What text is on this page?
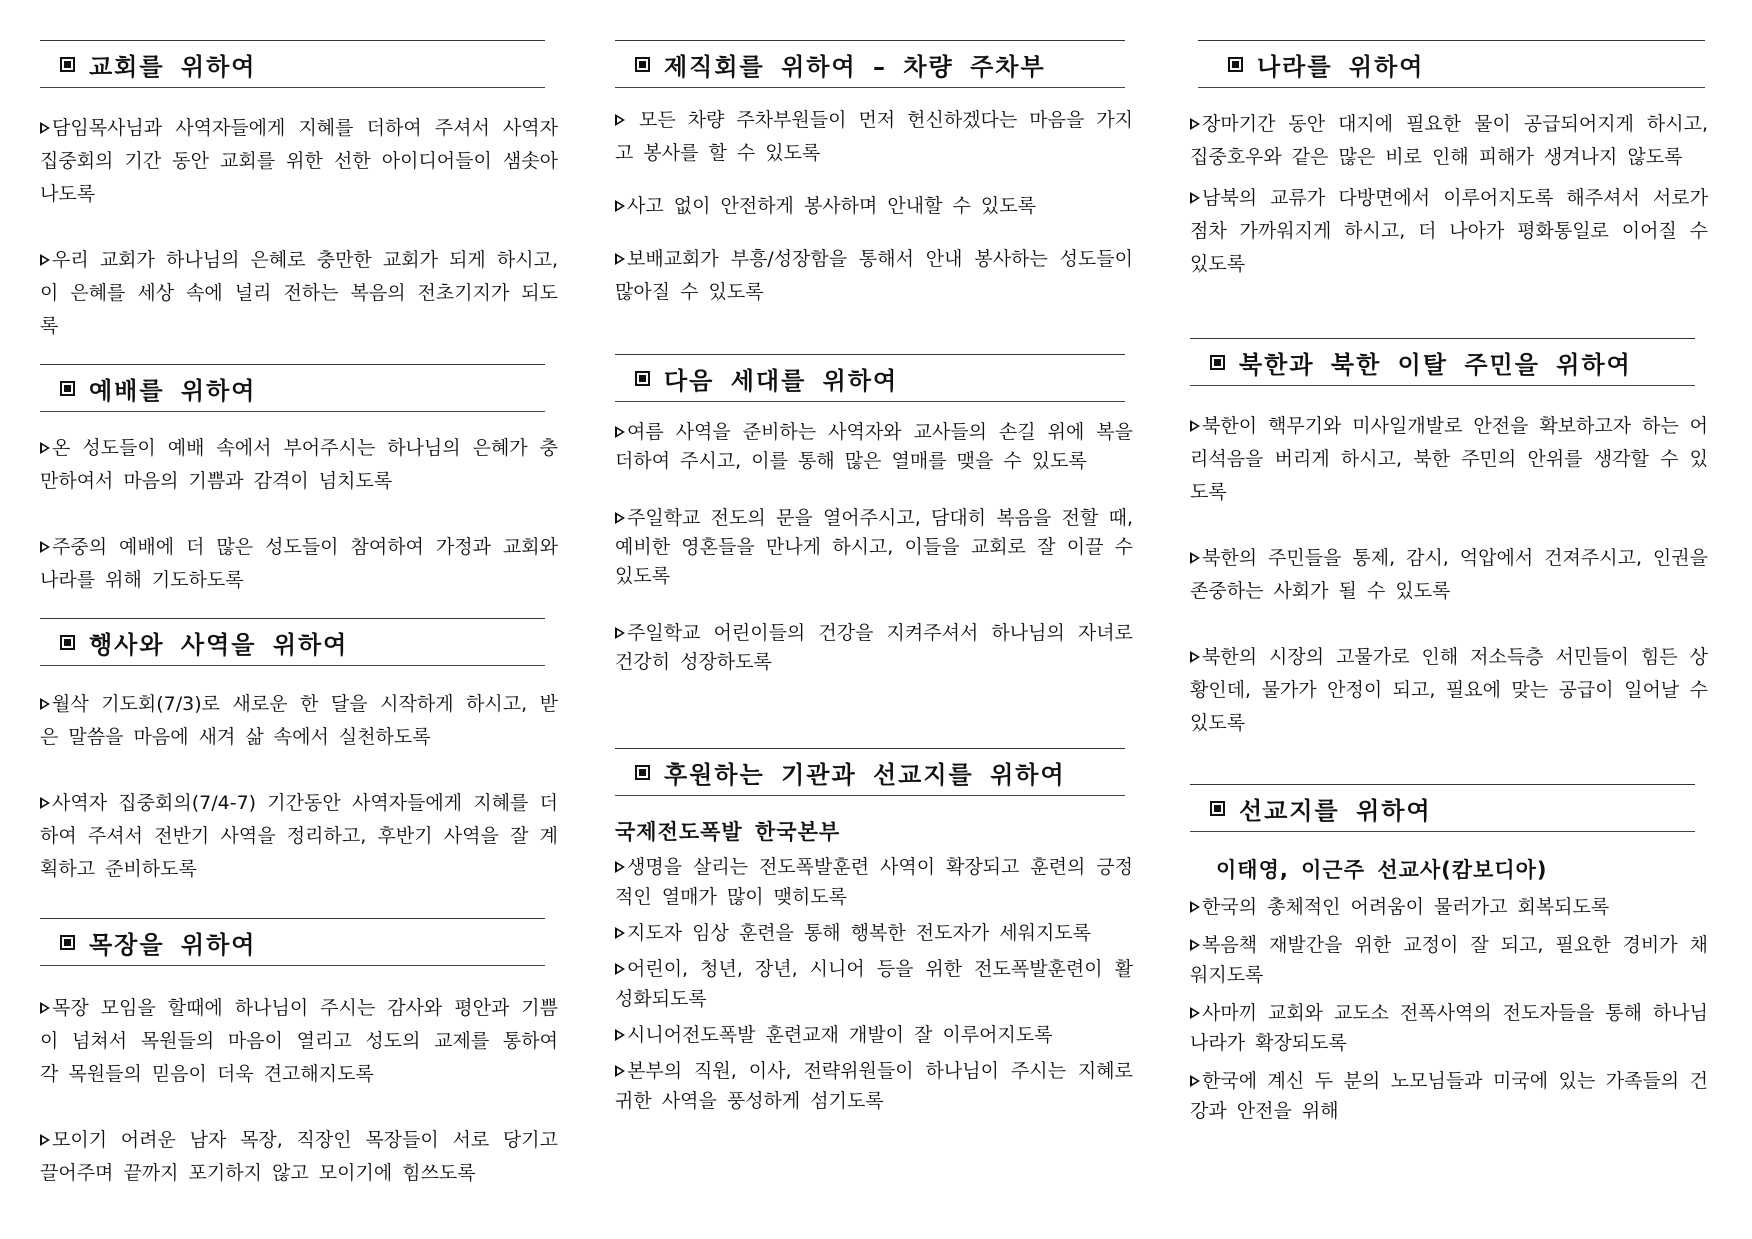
교회를 위하여

담임목사님과 사역자들에게 지혜를 더하여 주셔서 사역자 집중회의 기간 동안 교회를 위한 선한 아이디어들이 샘솟아 나도록

우리 교회가 하나님의 은혜로 충만한 교회가 되게 하시고, 이 은혜를 세상 속에 널리 전하는 복음의 전초기지가 되도록

예배를 위하여

온 성도들이 예배 속에서 부어주시는 하나님의 은혜가 충만하여서 마음의 기쁨과 감격이 넘치도록

주중의 예배에 더 많은 성도들이 참여하여 가정과 교회와 나라를 위해 기도하도록

행사와 사역을 위하여

월삭 기도회(7/3)로 새로운 한 달을 시작하게 하시고, 받은 말씀을 마음에 새겨 삶 속에서 실천하도록

사역자 집중회의(7/4-7) 기간동안 사역자들에게 지혜를 더하여 주셔서 전반기 사역을 정리하고, 후반기 사역을 잘 계획하고 준비하도록

목장을 위하여

목장 모임을 할때에 하나님이 주시는 감사와 평안과 기쁨이 넘쳐서 목원들의 마음이 열리고 성도의 교제를 통하여 각 목원들의 믿음이 더욱 견고해지도록

모이기 어려운 남자 목장, 직장인 목장들이 서로 당기고 끌어주며 끝까지 포기하지 않고 모이기에 힘쓰도록

제직회를 위하여 – 차량 주차부

모든 차량 주차부원들이 먼저 헌신하겠다는 마음을 가지고 봉사를 할 수 있도록

사고 없이 안전하게 봉사하며 안내할 수 있도록

보배교회가 부흥/성장함을 통해서 안내 봉사하는 성도들이 많아질 수 있도록

다음 세대를 위하여

여름 사역을 준비하는 사역자와 교사들의 손길 위에 복을 더하여 주시고, 이를 통해 많은 열매를 맺을 수 있도록

주일학교 전도의 문을 열어주시고, 담대히 복음을 전할 때, 예비한 영혼들을 만나게 하시고, 이들을 교회로 잘 이끌 수 있도록

주일학교 어린이들의 건강을 지켜주셔서 하나님의 자녀로 건강히 성장하도록

후원하는 기관과 선교지를 위하여

국제전도폭발 한국본부

생명을 살리는 전도폭발훈련 사역이 확장되고 훈련의 긍정적인 열매가 많이 맺히도록

지도자 임상 훈련을 통해 행복한 전도자가 세워지도록

어린이, 청년, 장년, 시니어 등을 위한 전도폭발훈련이 활성화되도록

시니어전도폭발 훈련교재 개발이 잘 이루어지도록

본부의 직원, 이사, 전략위원들이 하나님이 주시는 지혜로 귀한 사역을 풍성하게 섬기도록

나라를 위하여

장마기간 동안 대지에 필요한 물이 공급되어지게 하시고, 집중호우와 같은 많은 비로 인해 피해가 생겨나지 않도록

남북의 교류가 다방면에서 이루어지도록 해주셔서 서로가 점차 가까워지게 하시고, 더 나아가 평화통일로 이어질 수 있도록

북한과 북한 이탈 주민을 위하여

북한이 핵무기와 미사일개발로 안전을 확보하고자 하는 어리석음을 버리게 하시고, 북한 주민의 안위를 생각할 수 있도록

북한의 주민들을 통제, 감시, 억압에서 건져주시고, 인권을 존중하는 사회가 될 수 있도록

북한의 시장의 고물가로 인해 저소득층 서민들이 힘든 상황인데, 물가가 안정이 되고, 필요에 맞는 공급이 일어날 수 있도록

선교지를 위하여

이태영, 이근주 선교사(캄보디아)

한국의 총체적인 어려움이 물러가고 회복되도록

복음책 재발간을 위한 교정이 잘 되고, 필요한 경비가 채워지도록

사마끼 교회와 교도소 전폭사역의 전도자들을 통해 하나님 나라가 확장되도록

한국에 계신 두 분의 노모님들과 미국에 있는 가족들의 건강과 안전을 위해
